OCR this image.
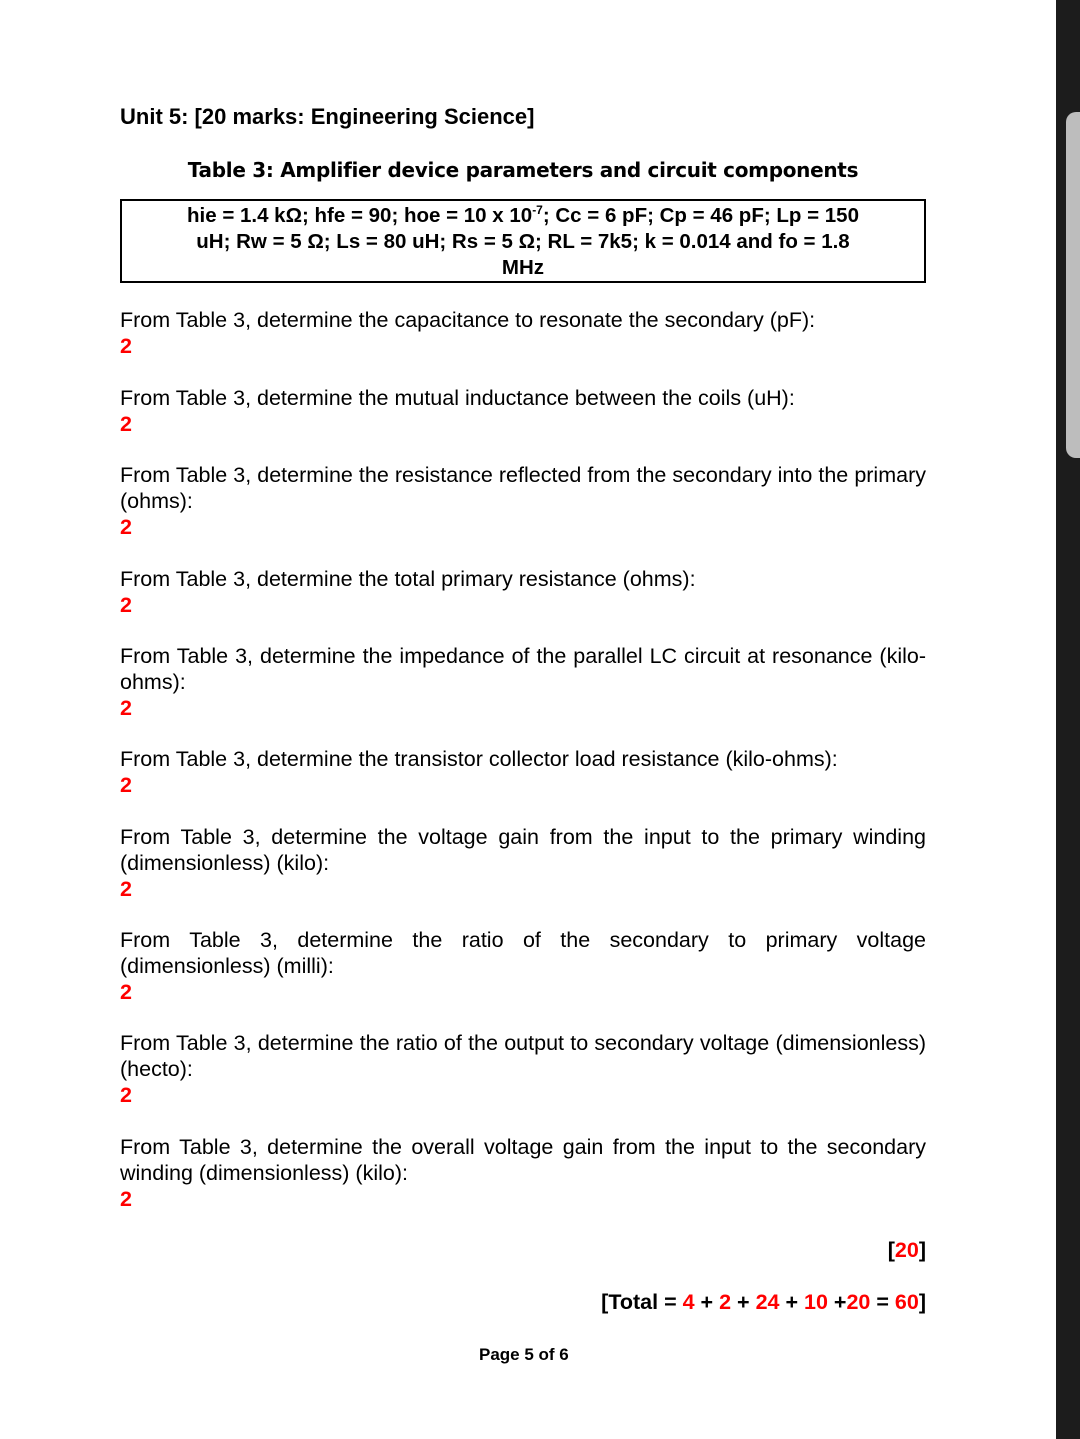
Unit 5: [20 marks: Engineering Science]
Table 3: Amplifier device parameters and circuit components
hie = 1.4 kΩ; hfe = 90; hoe = 10 x $10^{-7}$; Cc = 6 pF; Cp = 46 pF; Lp = 150
uH; Rw = 5 Ω; Ls = 80 uH; Rs = 5 Ω; RL = 7k5; k = 0.014 and fo = 1.8
MHz
From Table 3, determine the capacitance to resonate the secondary (pF):
2
From Table 3, determine the mutual inductance between the coils (uH):
2
From Table 3, determine the resistance reflected from the secondary into the primary (ohms):
2
From Table 3, determine the total primary resistance (ohms):
2
From Table 3, determine the impedance of the parallel LC circuit at resonance (kilo-ohms):
2
From Table 3, determine the transistor collector load resistance (kilo-ohms):
2
From Table 3, determine the voltage gain from the input to the primary winding (dimensionless) (kilo):
2
From Table 3, determine the ratio of the secondary to primary voltage (dimensionless) (milli):
2
From Table 3, determine the ratio of the output to secondary voltage (dimensionless) (hecto):
2
From Table 3, determine the overall voltage gain from the input to the secondary winding (dimensionless) (kilo):
2
[20]
[Total = 4 + 2 + 24 + 10 +20 = 60]
Page 5 of 6
